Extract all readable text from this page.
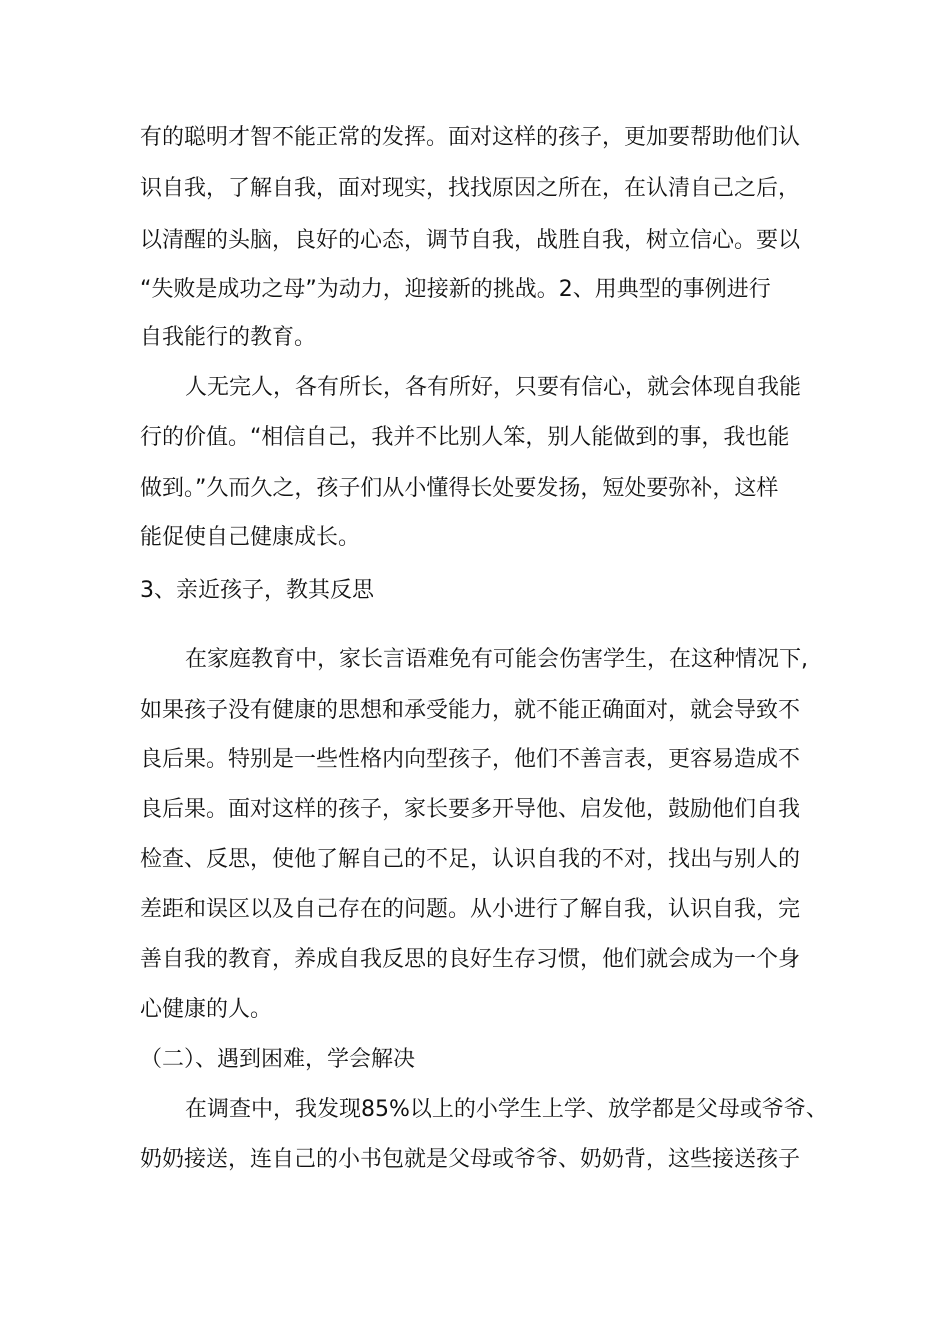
有的聪明才智不能正常的发挥。面对这样的孩子，更加要帮助他们认
识自我，了解自我，面对现实，找找原因之所在，在认清自己之后，
以清醒的头脑，良好的心态，调节自我，战胜自我，树立信心。要以
“失败是成功之母”为动力，迎接新的挑战。2、用典型的事例进行
自我能行的教育。
人无完人，各有所长，各有所好，只要有信心，就会体现自我能
行的价值。“相信自己，我并不比别人笨，别人能做到的事，我也能
做到。”久而久之，孩子们从小懂得长处要发扬，短处要弥补，这样
能促使自己健康成长。
3、亲近孩子，教其反思
在家庭教育中，家长言语难免有可能会伤害学生，在这种情况下,
如果孩子没有健康的思想和承受能力，就不能正确面对，就会导致不
良后果。特别是一些性格内向型孩子，他们不善言表，更容易造成不
良后果。面对这样的孩子，家长要多开导他、启发他，鼓励他们自我
检查、反思，使他了解自己的不足，认识自我的不对，找出与别人的
差距和误区以及自己存在的问题。从小进行了解自我，认识自我，完
善自我的教育，养成自我反思的良好生存习惯，他们就会成为一个身
心健康的人。
（二）、遇到困难，学会解决
在调查中，我发现85%以上的小学生上学、放学都是父母或爷爷、
奶奶接送，连自己的小书包就是父母或爷爷、奶奶背，这些接送孩子
